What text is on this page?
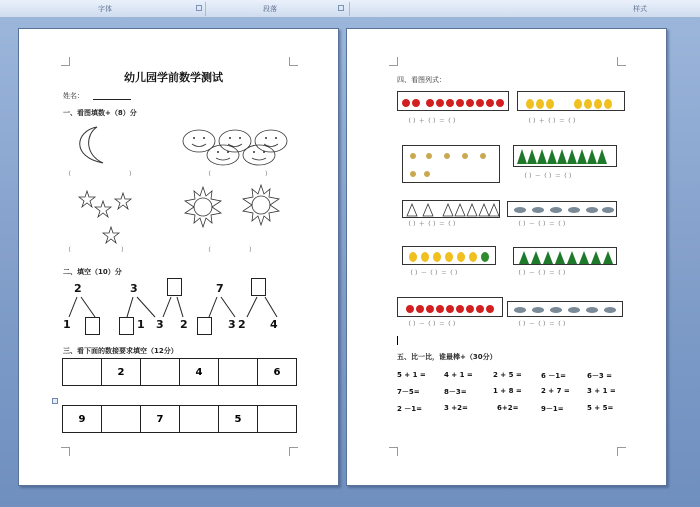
字体	段落	样式
幼儿园学前数学测试
姓名：
一、看图填数+（8）分
（	）	（	）
（	）	（	）
二、填空（10）分
2	3	7
1	1 3 2	3 2 4
三、看下面的数接要求填空（12分）
	2		4		6
9		7		5	
四、看图列式：
（ ）＋（ ）＝（ ）	（ ）＋（ ）＝（ ）
（ ）－（ ）＝（ ）
（ ）＋（ ）＝（ ）	（ ）－（ ）＝（ ）
（ ）－（ ）＝（ ）	（ ）－（ ）＝（ ）
（ ）－（ ）＝（ ）	（ ）－（ ）＝（ ）
五、比一比，谁最棒+（30分）
5 + 1 =	4 + 1 =	2 + 5 =	6 －1=	6－3 =
7－5=	8－3=	1 + 8 =	2 + 7 = 3 + 1 =
2 －1=	3 +2=	6+2=	9－1=	5 + 5=
